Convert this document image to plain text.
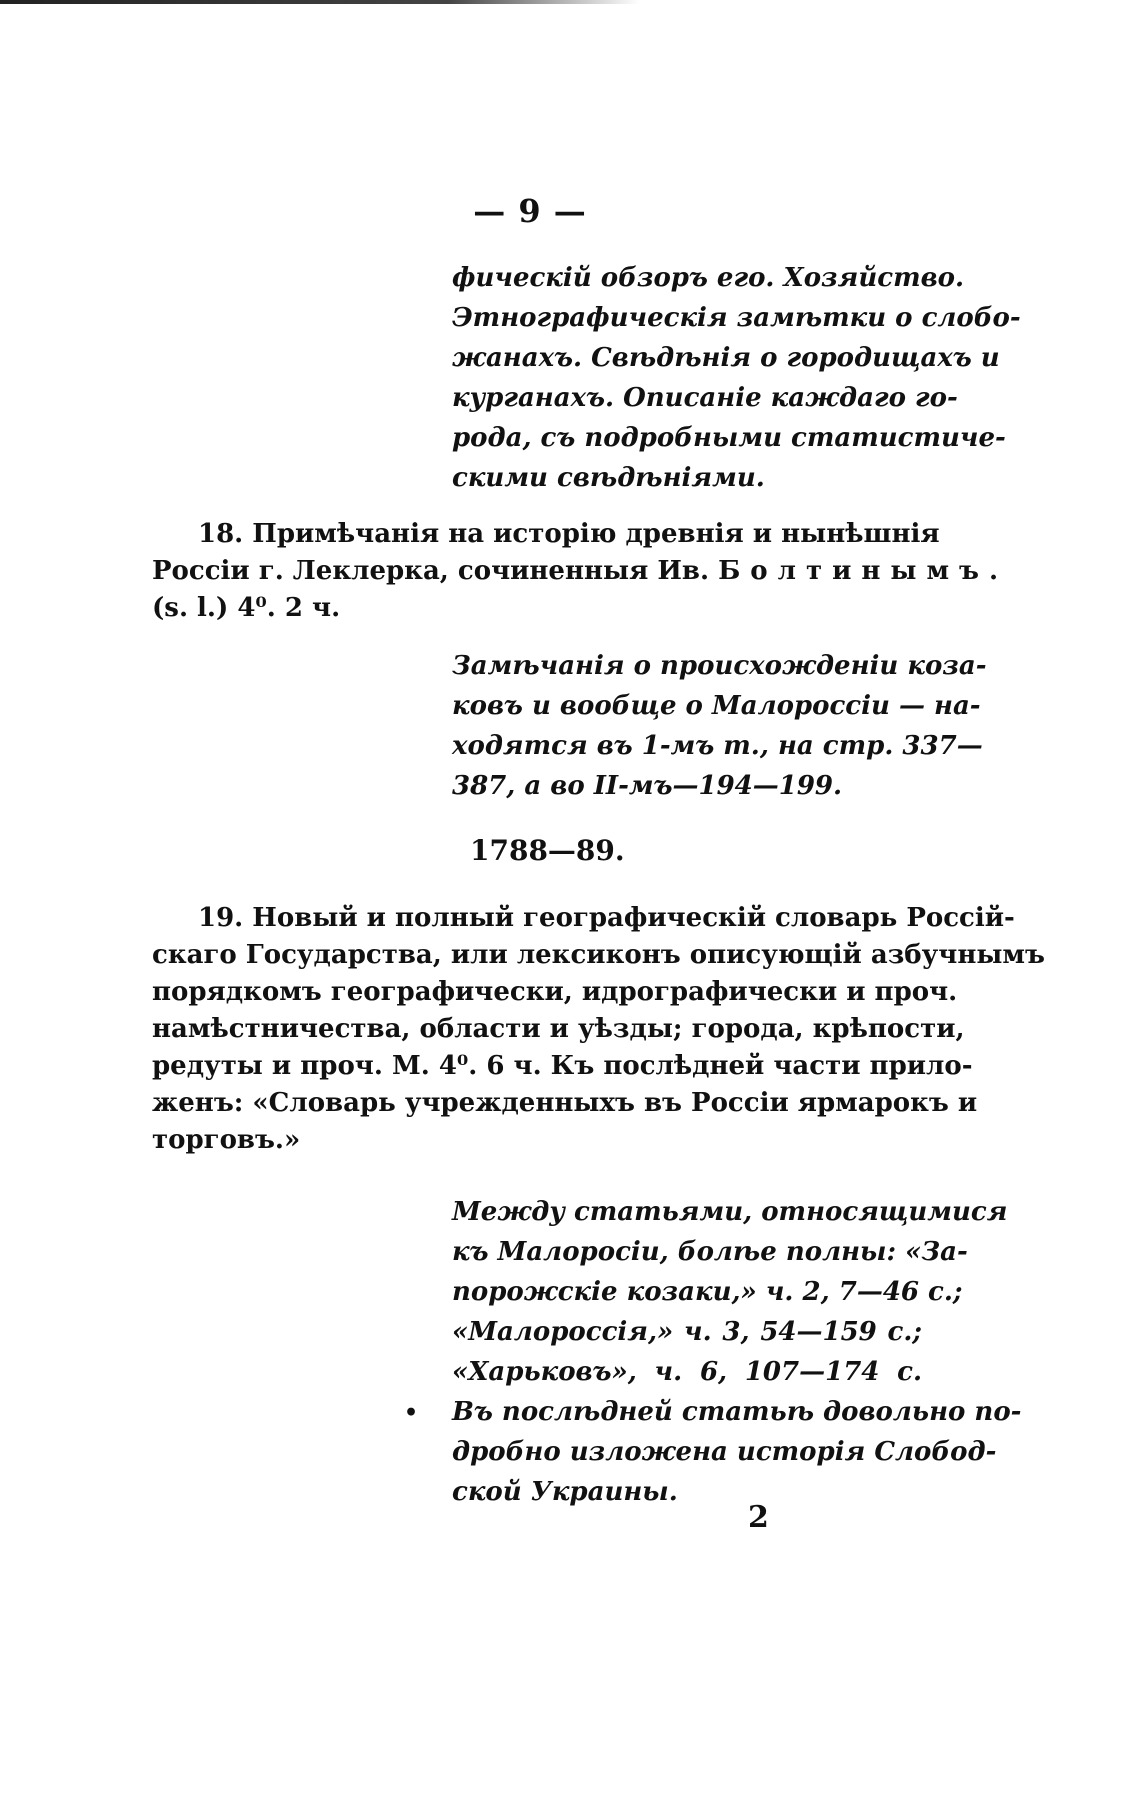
— 9 —
фическій обзоръ его. Хозяйство.
Этнографическія замѣтки о слобо-
жанахъ. Свѣдѣнія о городищахъ и
курганахъ. Описаніе каждаго го-
рода, съ подробными статистиче-
скими свѣдѣніями.
18. Примѣчанія на исторію древнія и нынѣшнія
Россіи г. Леклерка, сочиненныя Ив. Болтинымъ.
(s. l.) 4⁰. 2 ч.
Замѣчанія о происхожденіи коза-
ковъ и вообще о Малороссіи — на-
ходятся въ 1-мъ т., на стр. 337—
387, а во II-мъ—194—199.
1788—89.
19. Новый и полный географическій словарь Россій-
скаго Государства, или лексиконъ описующій азбучнымъ
порядкомъ географически, идрографически и проч.
намѣстничества, области и уѣзды; города, крѣпости,
редуты и проч. М. 4⁰. 6 ч. Къ послѣдней части прило-
женъ: «Словарь учрежденныхъ въ Россіи ярмарокъ и
торговъ.»
Между статьями, относящимися
къ Малоросіи, болѣе полны: «За-
порожскіе козаки,» ч. 2, 7—46 с.;
«Малороссія,» ч. 3, 54—159 с.;
«Харьковъ», ч. 6, 107—174 с.
Въ послѣдней статьѣ довольно по-
дробно изложена исторія Слобод-
ской Украины.
•
2
